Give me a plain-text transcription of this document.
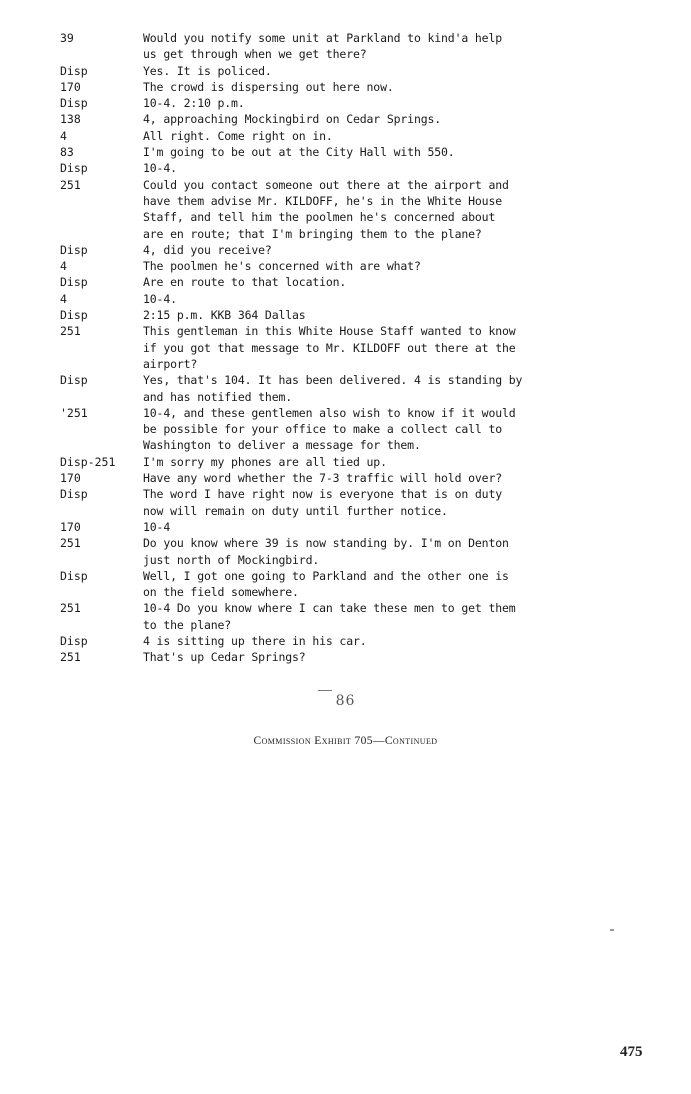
39	Would you notify some unit at Parkland to kind'a help
us get through when we get there?
Disp	Yes. It is policed.
170	The crowd is dispersing out here now.
Disp	10-4. 2:10 p.m.
138	4, approaching Mockingbird on Cedar Springs.
4	All right. Come right on in.
83	I'm going to be out at the City Hall with 550.
Disp	10-4.
251	Could you contact someone out there at the airport and
have them advise Mr. KILDOFF, he's in the White House
Staff, and tell him the poolmen he's concerned about
are en route; that I'm bringing them to the plane?
Disp	4, did you receive?
4	The poolmen he's concerned with are what?
Disp	Are en route to that location.
4	10-4.
Disp	2:15 p.m. KKB 364 Dallas
251	This gentleman in this White House Staff wanted to know
if you got that message to Mr. KILDOFF out there at the
airport?
Disp	Yes, that's 104. It has been delivered. 4 is standing by
and has notified them.
'251	10-4, and these gentlemen also wish to know if it would
be possible for your office to make a collect call to
Washington to deliver a message for them.
Disp-251	I'm sorry my phones are all tied up.
170	Have any word whether the 7-3 traffic will hold over?
Disp	The word I have right now is everyone that is on duty
now will remain on duty until further notice.
170	10-4
251	Do you know where 39 is now standing by. I'm on Denton
just north of Mockingbird.
Disp	Well, I got one going to Parkland and the other one is
on the field somewhere.
251	10-4 Do you know where I can take these men to get them
to the plane?
Disp	4 is sitting up there in his car.
251	That's up Cedar Springs?
86
Commission Exhibit 705—Continued
475
